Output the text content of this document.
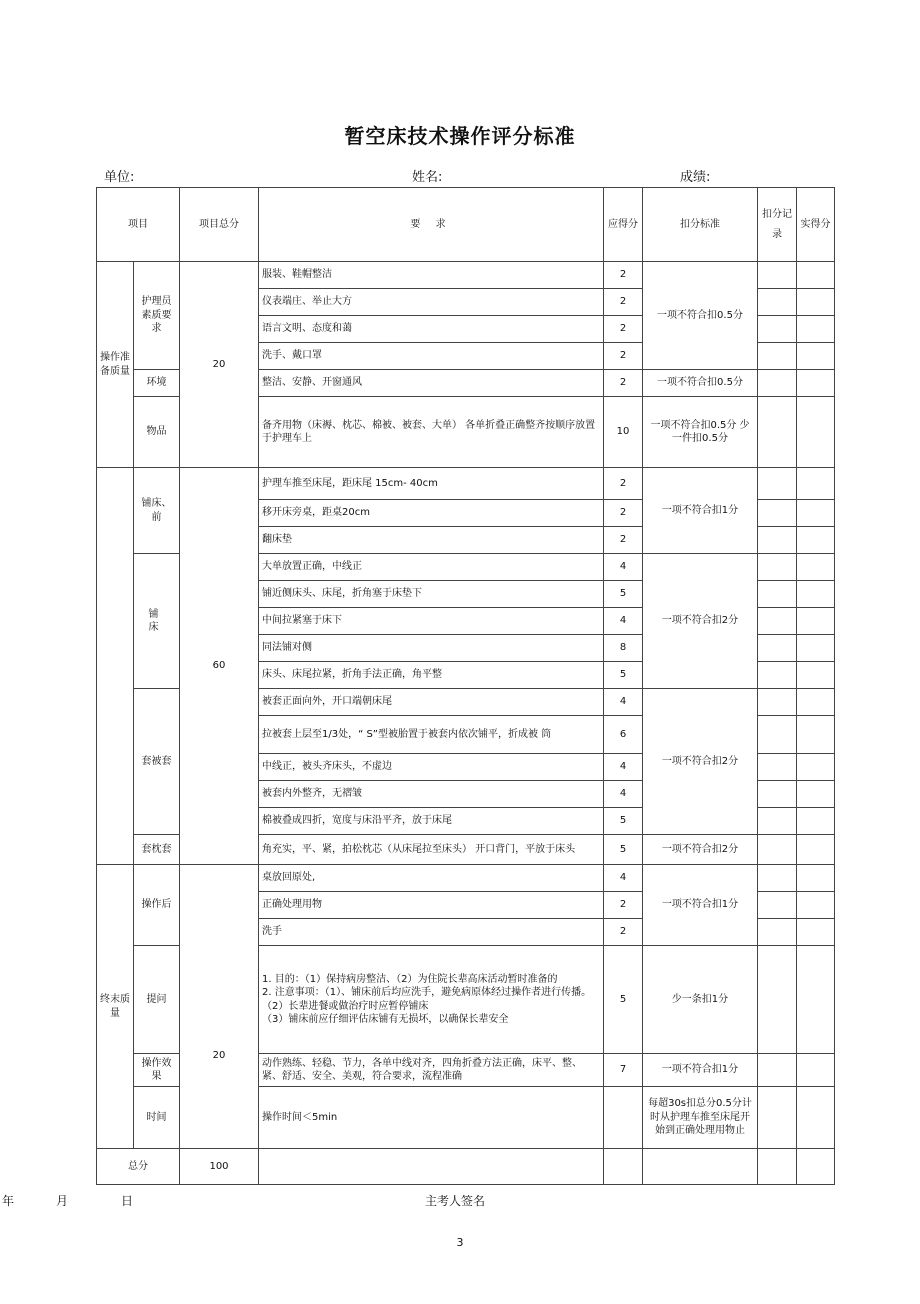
暂空床技术操作评分标准
单位:	姓名:	成绩:
项目		项目总分	要 求	应得分	扣分标准	扣分记录	实得分
操作准备质量	护理员素质要求	20	服装、鞋帽整洁	2	一项不符合扣0.5分		
			仪表端庄、举止大方	2			
			语言文明、态度和蔼	2			
			洗手、戴口罩	2			
	环境		整洁、安静、开窗通风	2	一项不符合扣0.5分		
	物品		备齐用物（床褥、枕芯、棉被、被套、大单） 各单折叠正确整齐按顺序放置于护理车上	10	一项不符合扣0.5分 少一件扣0.5分		
	铺床、前	60	护理车推至床尾，距床尾 15cm- 40cm	2	一项不符合扣1分		
			移开床旁桌，距桌20cm	2			
			翻床垫	2			
	铺 床		大单放置正确，中线正	4	一项不符合扣2分		
			铺近侧床头、床尾，折角塞于床垫下	5			
			中间拉紧塞于床下	4			
			同法铺对侧	8			
			床头、床尾拉紧，折角手法正确，角平整	5			
	套被套		被套正面向外，开口端朝床尾	4	一项不符合扣2分		
			拉被套上层至1/3处，“ S”型被胎置于被套内依次铺平，折成被 筒	6			
			中线正，被头齐床头，不虚边	4			
			被套内外整齐，无褶皱	4			
			棉被叠成四折，宽度与床沿平齐，放于床尾	5			

	套枕套		角充实，平、紧，拍松枕芯（从床尾拉至床头） 开口背门，平放于床头	5	一项不符合扣2分		
终末质量	操作后	20	桌放回原处,	4	一项不符合扣1分		
			正确处理用物	2			
			洗手	2			
	提问		1. 目的：（1）保持病房整洁、（2）为住院长辈高床活动暂时准备的
2. 注意事项：（1）、铺床前后均应洗手，避免病原体经过操作者进行传播。
（2）长辈进餐或做治疗时应暂停铺床
（3）铺床前应仔细评估床铺有无损坏，以确保长辈安全	5	少一条扣1分		
	操作效果		动作熟练、轻稳、节力，各单中线对齐，四角折叠方法正确，床平、整、紧、舒适、安全、美观，符合要求，流程准确	7	一项不符合扣1分		
	时间		操作时间＜5min		每超30s扣总分0.5分计时从护理车推至床尾开始到正确处理用物止		

总分		100					
年	月	日	主考人签名
3
